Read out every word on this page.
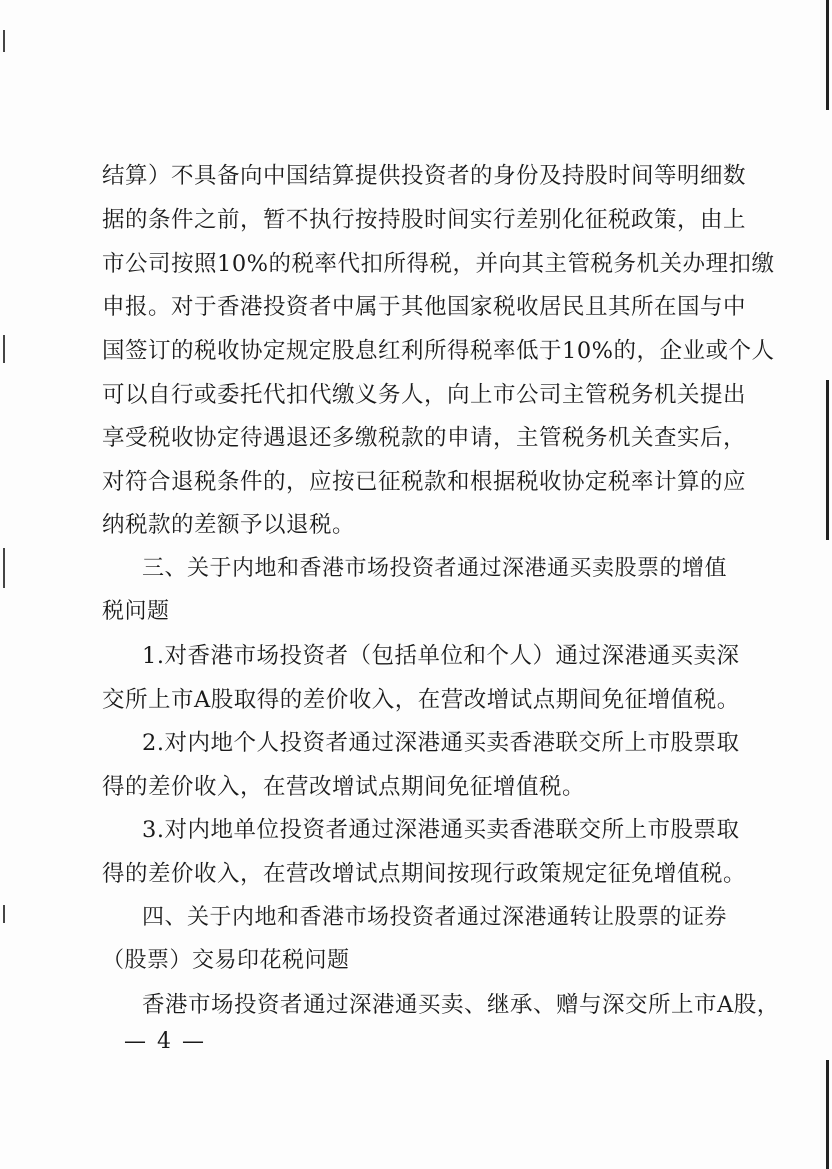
结算）不具备向中国结算提供投资者的身份及持股时间等明细数
据的条件之前，暂不执行按持股时间实行差别化征税政策，由上
市公司按照10%的税率代扣所得税，并向其主管税务机关办理扣缴
申报。对于香港投资者中属于其他国家税收居民且其所在国与中
国签订的税收协定规定股息红利所得税率低于10%的，企业或个人
可以自行或委托代扣代缴义务人，向上市公司主管税务机关提出
享受税收协定待遇退还多缴税款的申请，主管税务机关查实后，
对符合退税条件的，应按已征税款和根据税收协定税率计算的应
纳税款的差额予以退税。
三、关于内地和香港市场投资者通过深港通买卖股票的增值
税问题
1.对香港市场投资者（包括单位和个人）通过深港通买卖深
交所上市A股取得的差价收入，在营改增试点期间免征增值税。
2.对内地个人投资者通过深港通买卖香港联交所上市股票取
得的差价收入，在营改增试点期间免征增值税。
3.对内地单位投资者通过深港通买卖香港联交所上市股票取
得的差价收入，在营改增试点期间按现行政策规定征免增值税。
四、关于内地和香港市场投资者通过深港通转让股票的证券
（股票）交易印花税问题
香港市场投资者通过深港通买卖、继承、赠与深交所上市A股，
— 4 —
